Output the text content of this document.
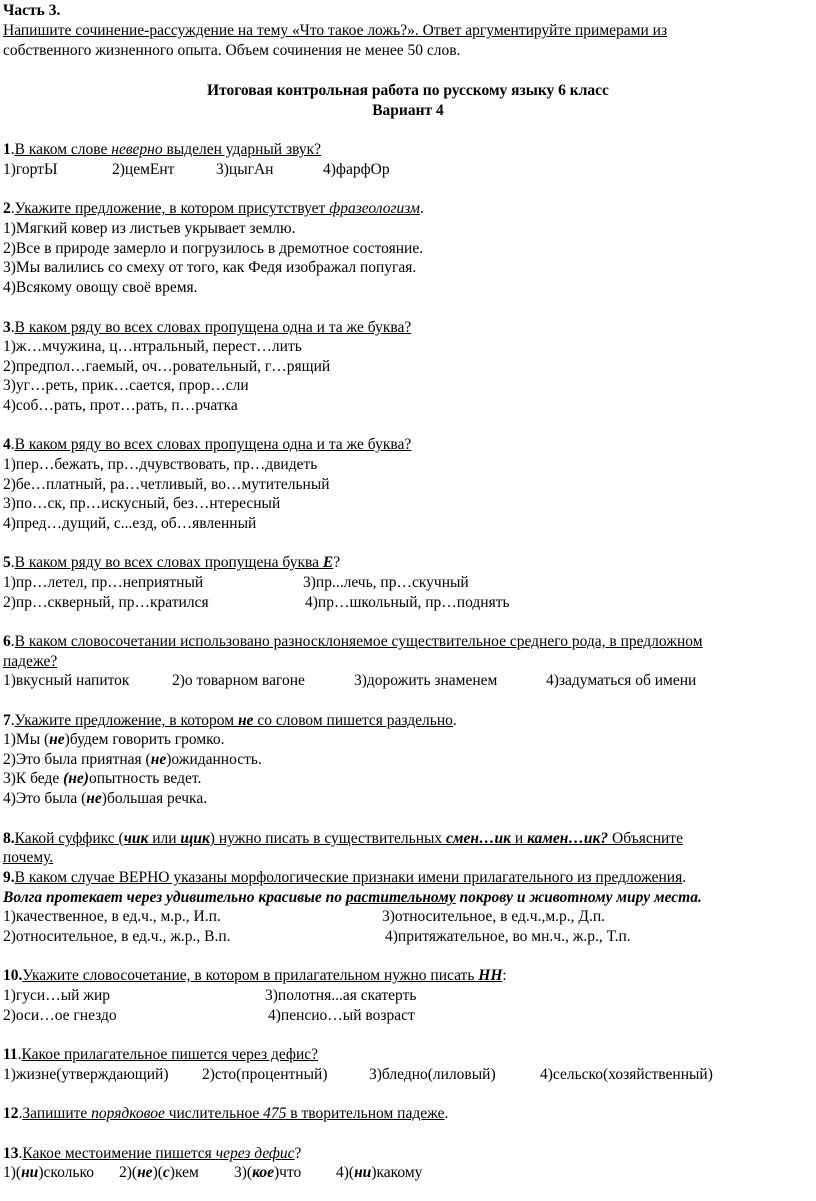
Часть 3.
Напишите сочинение-рассуждение на тему «Что такое ложь?». Ответ аргументируйте примерами из
собственного жизненного опыта. Объем сочинения не менее 50 слов.
Итоговая контрольная работа по русскому языку 6 класс
Вариант 4
1.В каком слове неверно выделен ударный звук?
1)гортЫ	2)цемЕнт	3)цыгАн	4)фарфОр
2.Укажите предложение, в котором присутствует фразеологизм.
1)Мягкий ковер из листьев укрывает землю.
2)Все в природе замерло и погрузилось в дремотное состояние.
3)Мы валились со смеху от того, как Федя изображал попугая.
4)Всякому овощу своё время.
3.В каком ряду во всех словах пропущена одна и та же буква?
1)ж…мчужина, ц…нтральный, перест…лить
2)предпол…гаемый, оч…ровательный, г…рящий
3)уг…реть, прик…сается, прор…сли
4)соб…рать, прот…рать, п…рчатка
4.В каком ряду во всех словах пропущена одна и та же буква?
1)пер…бежать, пр…дчувствовать, пр…двидеть
2)бе…платный, ра…четливый, во…мутительный
3)по…ск, пр…искусный, без…нтересный
4)пред…дущий, с...езд, об…явленный
5.В каком ряду во всех словах пропущена буква Е?
1)пр…летел, пр…неприятный	3)пр...лечь, пр…скучный
2)пр…скверный, пр…кратился	4)пр…школьный, пр…поднять
6.В каком словосочетании использовано разносклоняемое существительное среднего рода, в предложном
падеже?
1)вкусный напиток	2)о товарном вагоне	3)дорожить знаменем	4)задуматься об имени
7.Укажите предложение, в котором не со словом пишется раздельно.
1)Мы (не)будем говорить громко.
2)Это была приятная (не)ожиданность.
3)К беде (не)опытность ведет.
4)Это была (не)большая речка.
8.Какой суффикс (чик или щик) нужно писать в существительных смен…ик и камен…ик? Объясните
почему.
9.В каком случае ВЕРНО указаны морфологические признаки имени прилагательного из предложения.
Волга протекает через удивительно красивые по растительному покрову и животному миру места.
1)качественное, в ед.ч., м.р., И.п.	3)относительное, в ед.ч.,м.р., Д.п.
2)относительное, в ед.ч., ж.р., В.п.	4)притяжательное, во мн.ч., ж.р., Т.п.
10.Укажите словосочетание, в котором в прилагательном нужно писать НН:
1)гуси…ый жир	3)полотня...ая скатерть
2)оси…ое гнездо	4)пенсио…ый возраст
11.Какое прилагательное пишется через дефис?
1)жизне(утверждающий) 2)сто(процентный)	3)бледно(лиловый)	4)сельско(хозяйственный)
12.Запишите порядковое числительное 475 в творительном падеже.
13.Какое местоимение пишется через дефис?
1)(ни)сколько 2)(не)(с)кем 3)(кое)что 4)(ни)какому
